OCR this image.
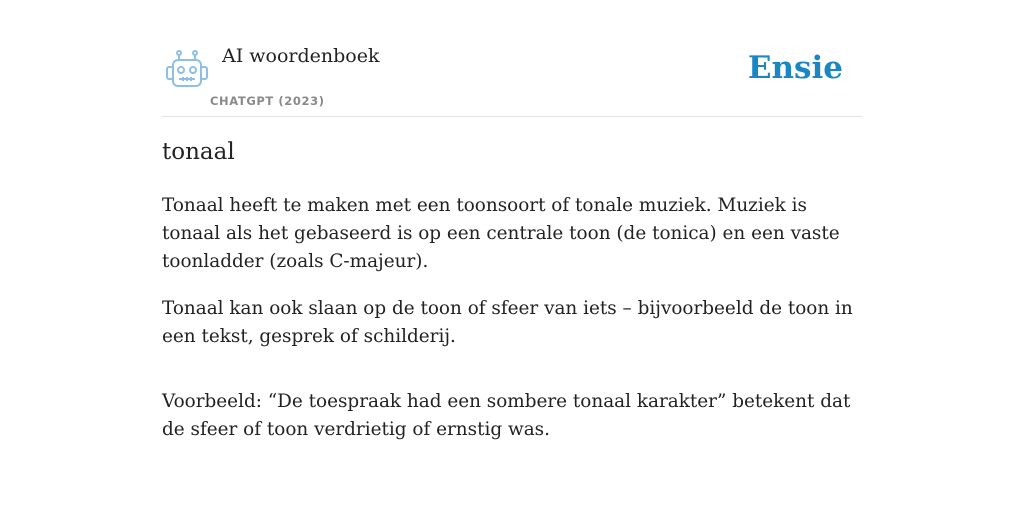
AI woordenboek
CHATGPT (2023)
Ensie
tonaal

Tonaal heeft te maken met een toonsoort of tonale muziek. Muziek is tonaal als het gebaseerd is op een centrale toon (de tonica) en een vaste toonladder (zoals C-majeur).

Tonaal kan ook slaan op de toon of sfeer van iets – bijvoorbeeld de toon in een tekst, gesprek of schilderij.

Voorbeeld: “De toespraak had een sombere tonaal karakter” betekent dat de sfeer of toon verdrietig of ernstig was.
